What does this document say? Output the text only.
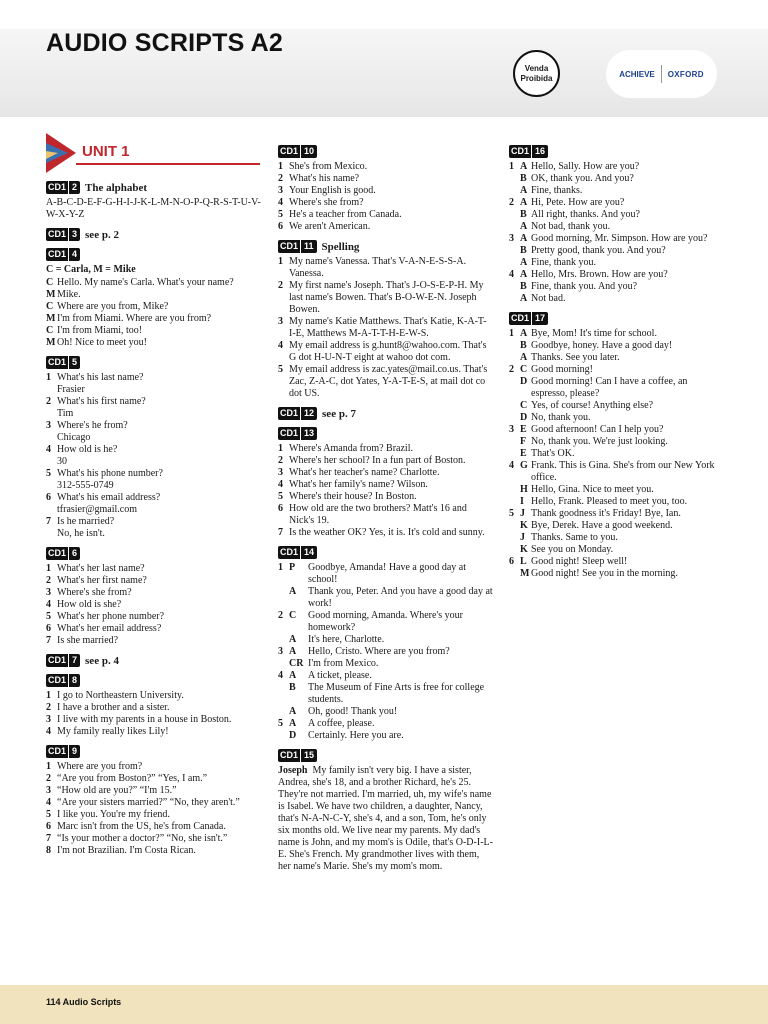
AUDIO SCRIPTS A2
Venda
Proibida	ACHIEVE OXFORD
UNIT 1
CD1 2 The alphabet
A-B-C-D-E-F-G-H-I-J-K-L-M-N-O-P-Q-R-S-T-U-V-W-X-Y-Z
CD1 3 see p. 2
CD1 4
C = Carla, M = Mike
C Hello. My name's Carla. What's your name?
M Mike.
C Where are you from, Mike?
M I'm from Miami. Where are you from?
C I'm from Miami, too!
M Oh! Nice to meet you!
CD1 5
1 What's his last name?
Frasier
2 What's his first name?
Tim
3 Where's he from?
Chicago
4 How old is he?
30
5 What's his phone number?
312-555-0749
6 What's his email address?
tfrasier@gmail.com
7 Is he married?
No, he isn't.
CD1 6
1 What's her last name?
2 What's her first name?
3 Where's she from?
4 How old is she?
5 What's her phone number?
6 What's her email address?
7 Is she married?
CD1 7 see p. 4
CD1 8
1 I go to Northeastern University.
2 I have a brother and a sister.
3 I live with my parents in a house in Boston.
4 My family really likes Lily!
CD1 9
1 Where are you from?
2 “Are you from Boston?” “Yes, I am.”
3 “How old are you?” “I'm 15.”
4 “Are your sisters married?” “No, they aren't.”
5 I like you. You're my friend.
6 Marc isn't from the US, he's from Canada.
7 “Is your mother a doctor?” “No, she isn't.”
8 I'm not Brazilian. I'm Costa Rican.
CD1 10
1 She's from Mexico.
2 What's his name?
3 Your English is good.
4 Where's she from?
5 He's a teacher from Canada.
6 We aren't American.
CD1 11 Spelling
1 My name's Vanessa. That's V-A-N-E-S-S-A. Vanessa.
2 My first name's Joseph. That's J-O-S-E-P-H. My last name's Bowen. That's B-O-W-E-N. Joseph Bowen.
3 My name's Katie Matthews. That's Katie, K-A-T-I-E, Matthews M-A-T-T-H-E-W-S.
4 My email address is g.hunt8@wahoo.com. That's G dot H-U-N-T eight at wahoo dot com.
5 My email address is zac.yates@mail.co.us. That's Zac, Z-A-C, dot Yates, Y-A-T-E-S, at mail dot co dot US.
CD1 12 see p. 7
CD1 13
1 Where's Amanda from? Brazil.
2 Where's her school? In a fun part of Boston.
3 What's her teacher's name? Charlotte.
4 What's her family's name? Wilson.
5 Where's their house? In Boston.
6 How old are the two brothers? Matt's 16 and Nick's 19.
7 Is the weather OK? Yes, it is. It's cold and sunny.
CD1 14
1 P	Goodbye, Amanda! Have a good day at school!
A	Thank you, Peter. And you have a good day at work!
2 C	Good morning, Amanda. Where's your homework?
A	It's here, Charlotte.
3 A	Hello, Cristo. Where are you from?
CR I'm from Mexico.
4 A	A ticket, please.
B	The Museum of Fine Arts is free for college students.
A	Oh, good! Thank you!
5 A	A coffee, please.
D	Certainly. Here you are.
CD1 15
Joseph My family isn't very big. I have a sister, Andrea, she's 18, and a brother Richard, he's 25. They're not married. I'm married, uh, my wife's name is Isabel. We have two children, a daughter, Nancy, that's N-A-N-C-Y, she's 4, and a son, Tom, he's only six months old. We live near my parents. My dad's name is John, and my mom's is Odile, that's O-D-I-L-E. She's French. My grandmother lives with them, her name's Marie. She's my mom's mom.
CD1 16
1 A Hello, Sally. How are you?
B OK, thank you. And you?
A Fine, thanks.
2 A Hi, Pete. How are you?
B All right, thanks. And you?
A Not bad, thank you.
3 A Good morning, Mr. Simpson. How are you?
B Pretty good, thank you. And you?
A Fine, thank you.
4 A Hello, Mrs. Brown. How are you?
B Fine, thank you. And you?
A Not bad.
CD1 17
1 A Bye, Mom! It's time for school.
B Goodbye, honey. Have a good day!
A Thanks. See you later.
2 C Good morning!
D Good morning! Can I have a coffee, an espresso, please?
C Yes, of course! Anything else?
D No, thank you.
3 E Good afternoon! Can I help you?
F No, thank you. We're just looking.
E That's OK.
4 G Frank. This is Gina. She's from our New York office.
H Hello, Gina. Nice to meet you.
I Hello, Frank. Pleased to meet you, too.
5 J Thank goodness it's Friday! Bye, Ian.
K Bye, Derek. Have a good weekend.
J Thanks. Same to you.
K See you on Monday.
6 L Good night! Sleep well!
M Good night! See you in the morning.
114 Audio Scripts
